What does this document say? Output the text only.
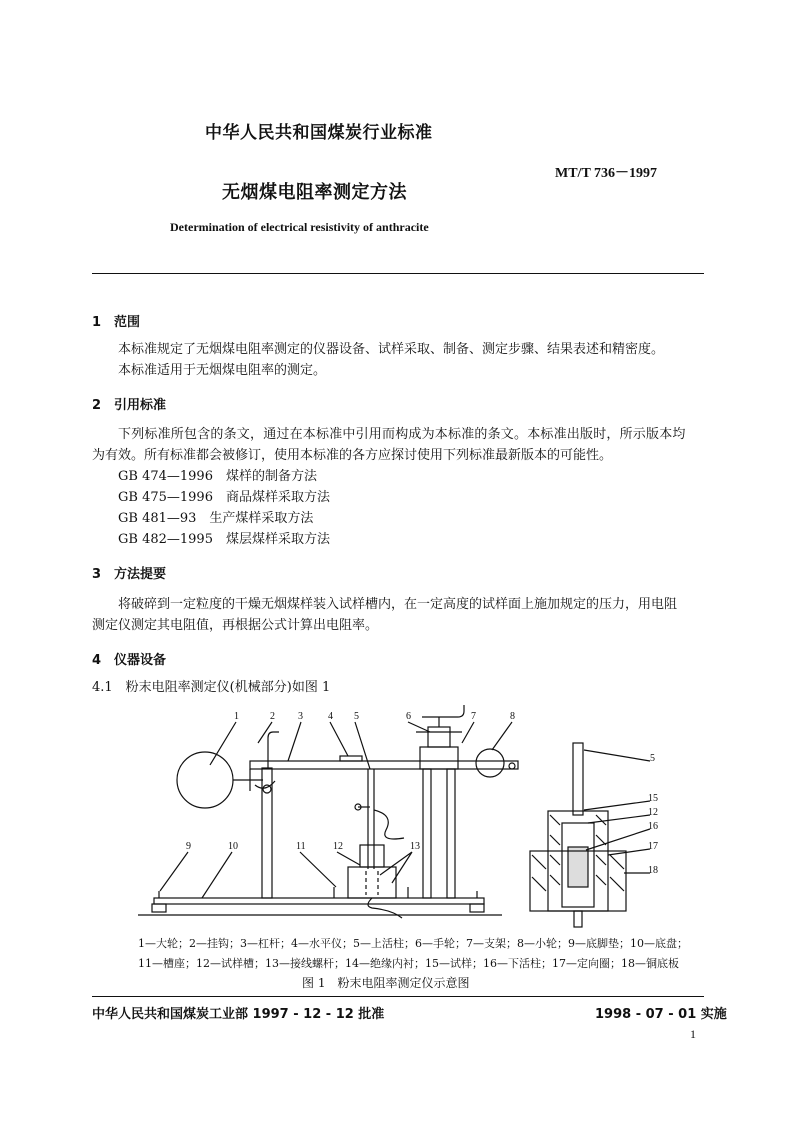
中华人民共和国煤炭行业标准
MT/T 736－1997
无烟煤电阻率测定方法
Determination of electrical resistivity of anthracite
1　范围
本标准规定了无烟煤电阻率测定的仪器设备、试样采取、制备、测定步骤、结果表述和精密度。
本标准适用于无烟煤电阻率的测定。
2　引用标准
下列标准所包含的条文，通过在本标准中引用而构成为本标准的条文。本标准出版时，所示版本均
为有效。所有标准都会被修订，使用本标准的各方应探讨使用下列标准最新版本的可能性。
GB 474—1996　煤样的制备方法
GB 475—1996　商品煤样采取方法
GB 481—93　生产煤样采取方法
GB 482—1995　煤层煤样采取方法
3　方法提要
将破碎到一定粒度的干燥无烟煤样装入试样槽内，在一定高度的试样面上施加规定的压力，用电阻
测定仪测定其电阻值，再根据公式计算出电阻率。
4　仪器设备
4.1　粉末电阻率测定仪(机械部分)如图 1
1	2 3	4 5	6	7	8
9	10	11	12	13
5
15
12
16
17
18
1—大轮；2—挂钩；3—杠杆；4—水平仪；5—上活柱；6—手轮；7—支架；8—小轮；9—底脚垫；10—底盘；
11—槽座；12—试样槽；13—接线螺杆；14—绝缘内衬；15—试样；16—下活柱；17—定向圈；18—铜底板
图 1　粉末电阻率测定仪示意图
中华人民共和国煤炭工业部 1997 - 12 - 12 批准	1998 - 07 - 01 实施
1
